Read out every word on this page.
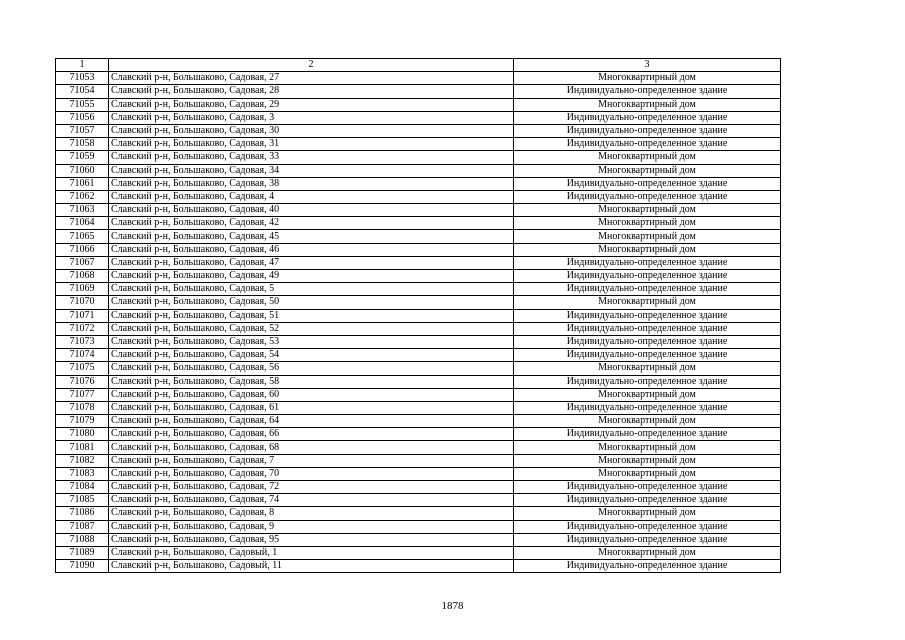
1	2	3
71053	Славский р-н, Большаково, Садовая, 27	Многоквартирный дом
71054	Славский р-н, Большаково, Садовая, 28	Индивидуально-определенное здание
71055	Славский р-н, Большаково, Садовая, 29	Многоквартирный дом
71056	Славский р-н, Большаково, Садовая, 3	Индивидуально-определенное здание
71057	Славский р-н, Большаково, Садовая, 30	Индивидуально-определенное здание
71058	Славский р-н, Большаково, Садовая, 31	Индивидуально-определенное здание
71059	Славский р-н, Большаково, Садовая, 33	Многоквартирный дом
71060	Славский р-н, Большаково, Садовая, 34	Многоквартирный дом
71061	Славский р-н, Большаково, Садовая, 38	Индивидуально-определенное здание
71062	Славский р-н, Большаково, Садовая, 4	Индивидуально-определенное здание
71063	Славский р-н, Большаково, Садовая, 40	Многоквартирный дом
71064	Славский р-н, Большаково, Садовая, 42	Многоквартирный дом
71065	Славский р-н, Большаково, Садовая, 45	Многоквартирный дом
71066	Славский р-н, Большаково, Садовая, 46	Многоквартирный дом
71067	Славский р-н, Большаково, Садовая, 47	Индивидуально-определенное здание
71068	Славский р-н, Большаково, Садовая, 49	Индивидуально-определенное здание
71069	Славский р-н, Большаково, Садовая, 5	Индивидуально-определенное здание
71070	Славский р-н, Большаково, Садовая, 50	Многоквартирный дом
71071	Славский р-н, Большаково, Садовая, 51	Индивидуально-определенное здание
71072	Славский р-н, Большаково, Садовая, 52	Индивидуально-определенное здание
71073	Славский р-н, Большаково, Садовая, 53	Индивидуально-определенное здание
71074	Славский р-н, Большаково, Садовая, 54	Индивидуально-определенное здание
71075	Славский р-н, Большаково, Садовая, 56	Многоквартирный дом
71076	Славский р-н, Большаково, Садовая, 58	Индивидуально-определенное здание
71077	Славский р-н, Большаково, Садовая, 60	Многоквартирный дом
71078	Славский р-н, Большаково, Садовая, 61	Индивидуально-определенное здание
71079	Славский р-н, Большаково, Садовая, 64	Многоквартирный дом
71080	Славский р-н, Большаково, Садовая, 66	Индивидуально-определенное здание
71081	Славский р-н, Большаково, Садовая, 68	Многоквартирный дом
71082	Славский р-н, Большаково, Садовая, 7	Многоквартирный дом
71083	Славский р-н, Большаково, Садовая, 70	Многоквартирный дом
71084	Славский р-н, Большаково, Садовая, 72	Индивидуально-определенное здание
71085	Славский р-н, Большаково, Садовая, 74	Индивидуально-определенное здание
71086	Славский р-н, Большаково, Садовая, 8	Многоквартирный дом
71087	Славский р-н, Большаково, Садовая, 9	Индивидуально-определенное здание
71088	Славский р-н, Большаково, Садовая, 95	Индивидуально-определенное здание
71089	Славский р-н, Большаково, Садовый, 1	Многоквартирный дом
71090	Славский р-н, Большаково, Садовый, 11	Индивидуально-определенное здание
1878
